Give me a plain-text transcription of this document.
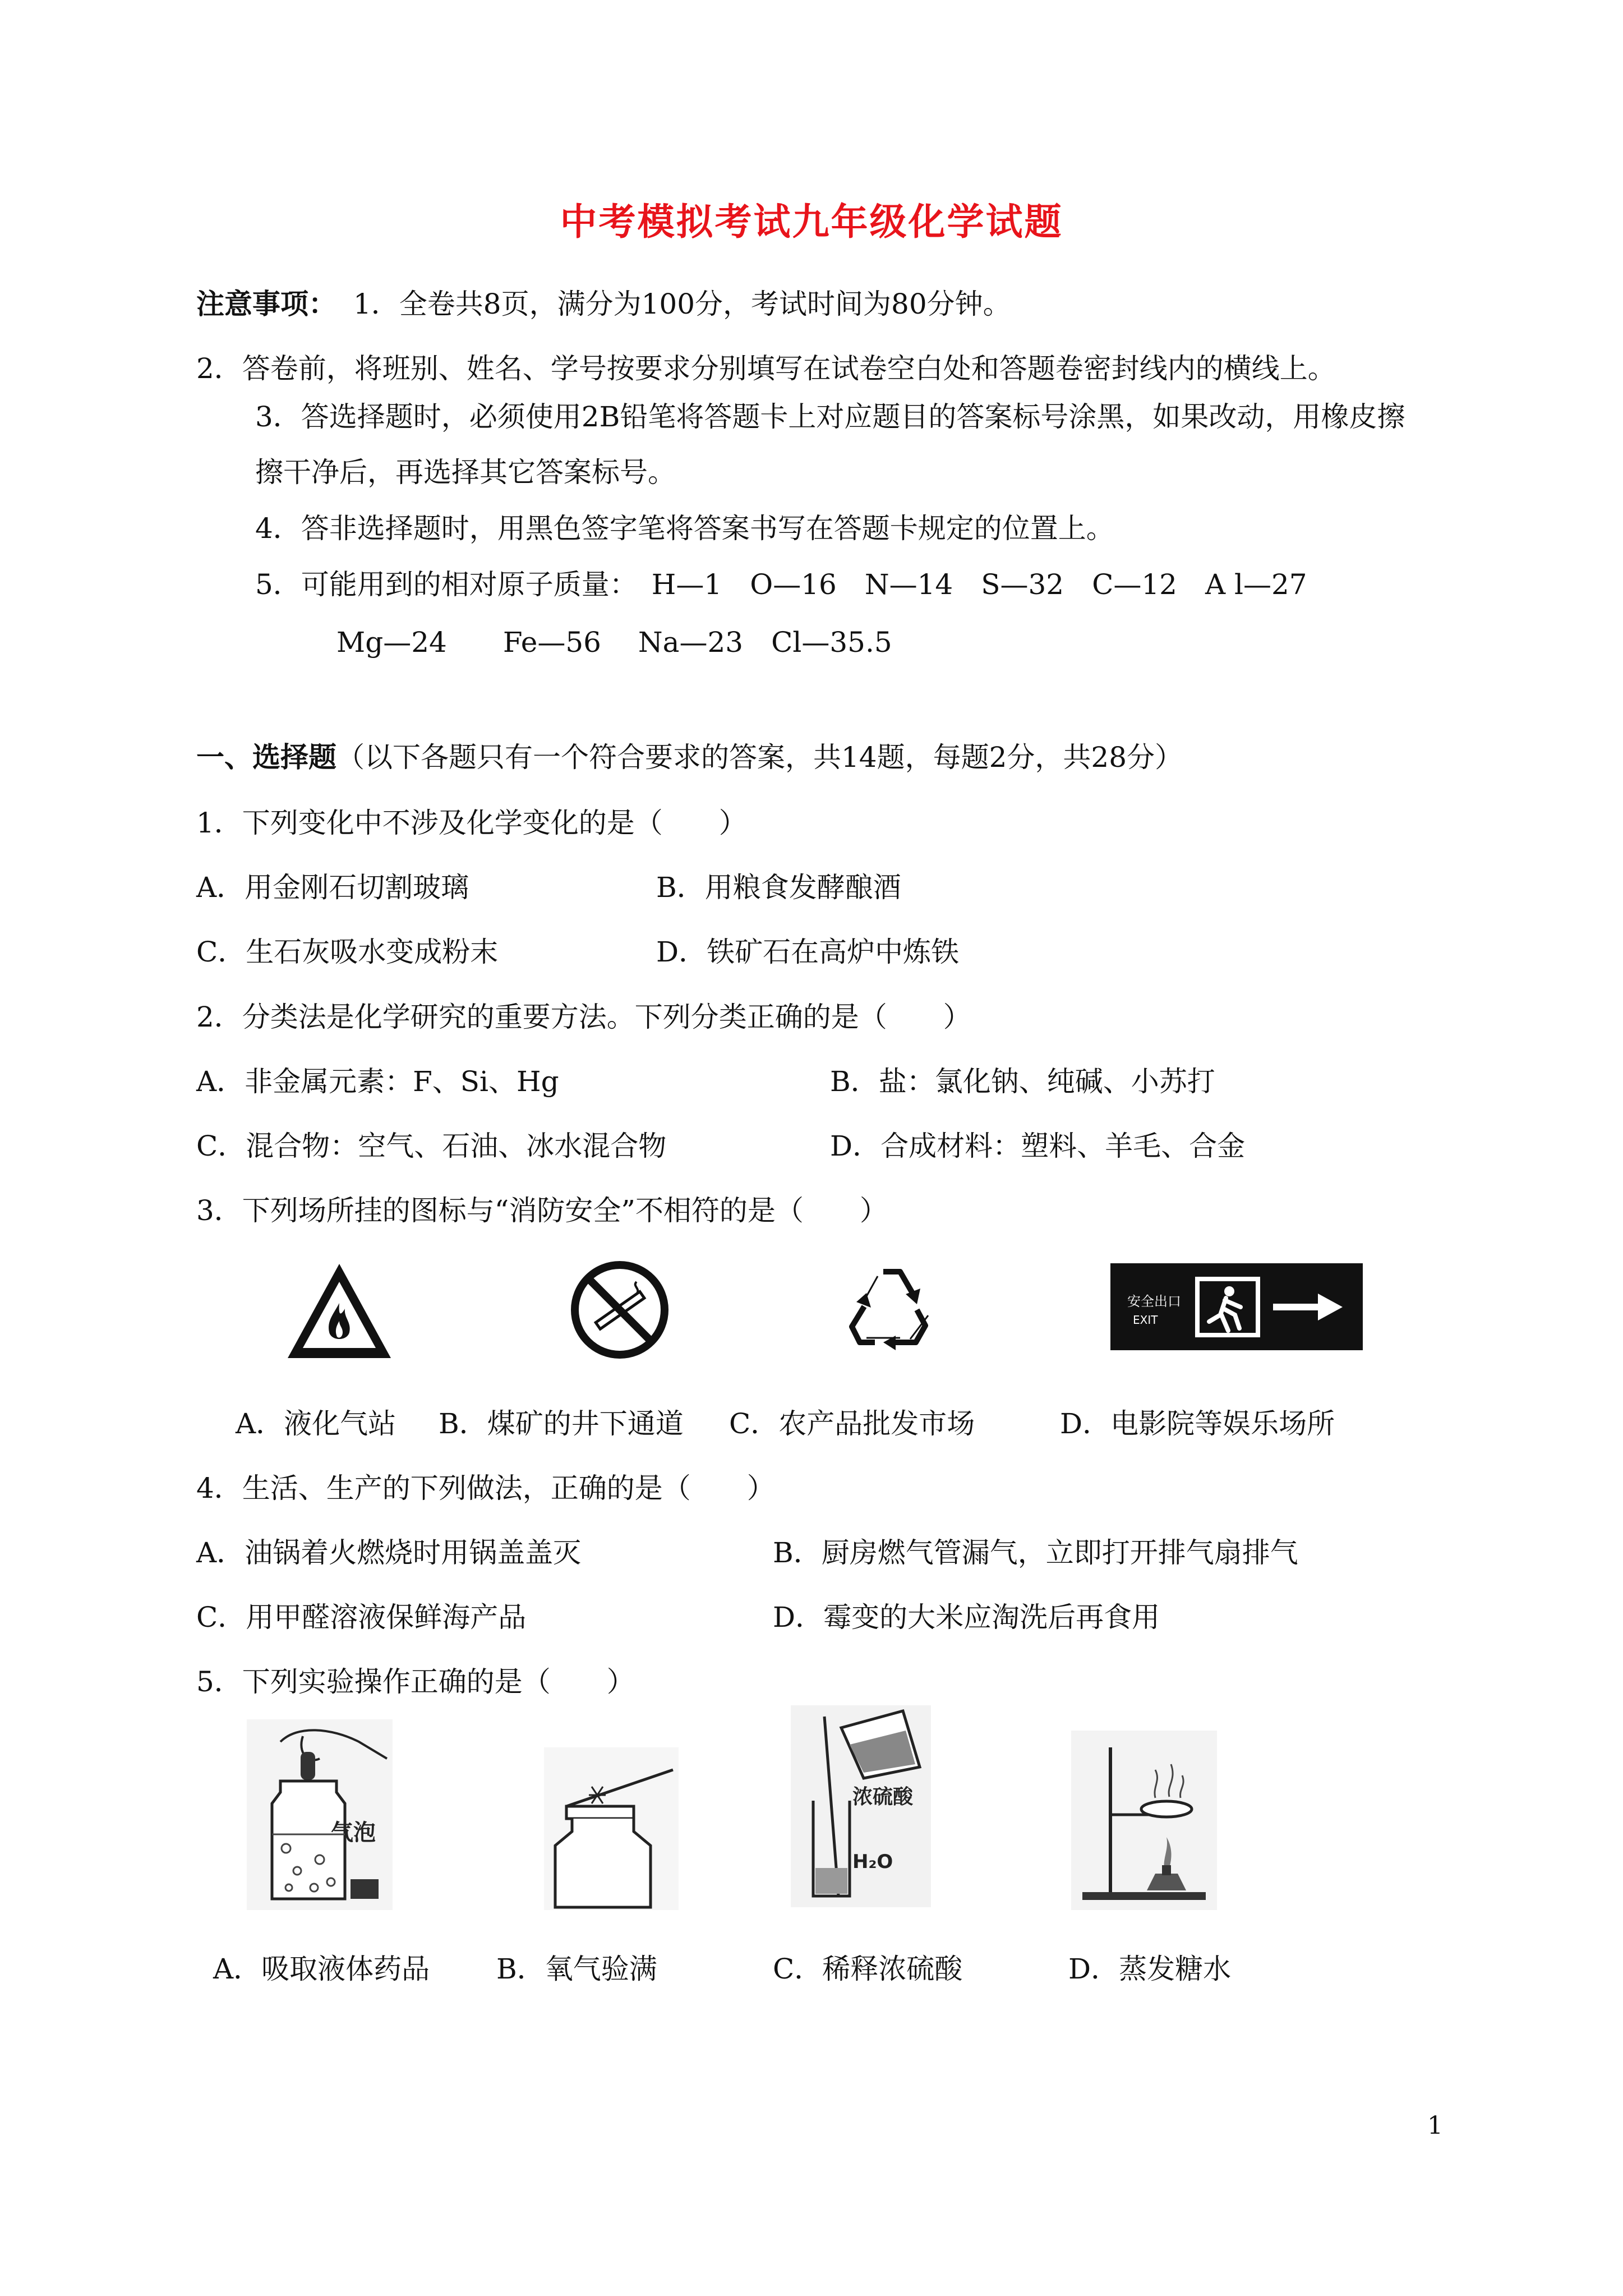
中考模拟考试九年级化学试题
注意事项： 1．全卷共8页，满分为100分，考试时间为80分钟。
2．答卷前，将班别、姓名、学号按要求分别填写在试卷空白处和答题卷密封线内的横线上。
3．答选择题时，必须使用2B铅笔将答题卡上对应题目的答案标号涂黑，如果改动，用橡皮擦
擦干净后，再选择其它答案标号。
4．答非选择题时，用黑色签字笔将答案书写在答题卡规定的位置上。
5．可能用到的相对原子质量：　H—1　O—16　N—14　S—32　C—12　A l—27
Mg—24　　Fe—56　 Na—23　Cl—35.5
一、选择题（以下各题只有一个符合要求的答案，共14题，每题2分，共28分）
1．下列变化中不涉及化学变化的是（　　）
A．用金刚石切割玻璃	B．用粮食发酵酿酒
C．生石灰吸水变成粉末	D．铁矿石在高炉中炼铁
2．分类法是化学研究的重要方法。下列分类正确的是（　　）
A．非金属元素：F、Si、Hg	B．盐：氯化钠、纯碱、小苏打
C．混合物：空气、石油、冰水混合物	D．合成材料：塑料、羊毛、合金
3．下列场所挂的图标与“消防安全”不相符的是（　　）
安全出口
EXIT
A．液化气站 B．煤矿的井下通道 C．农产品批发市场	D．电影院等娱乐场所
4．生活、生产的下列做法，正确的是（　　）
A．油锅着火燃烧时用锅盖盖灭	B．厨房燃气管漏气，立即打开排气扇排气
C．用甲醛溶液保鲜海产品	D．霉变的大米应淘洗后再食用
5．下列实验操作正确的是（　　）
气泡
浓硫酸
H₂O
A．吸取液体药品 B．氧气验满	C．稀释浓硫酸	D．蒸发糖水
1
